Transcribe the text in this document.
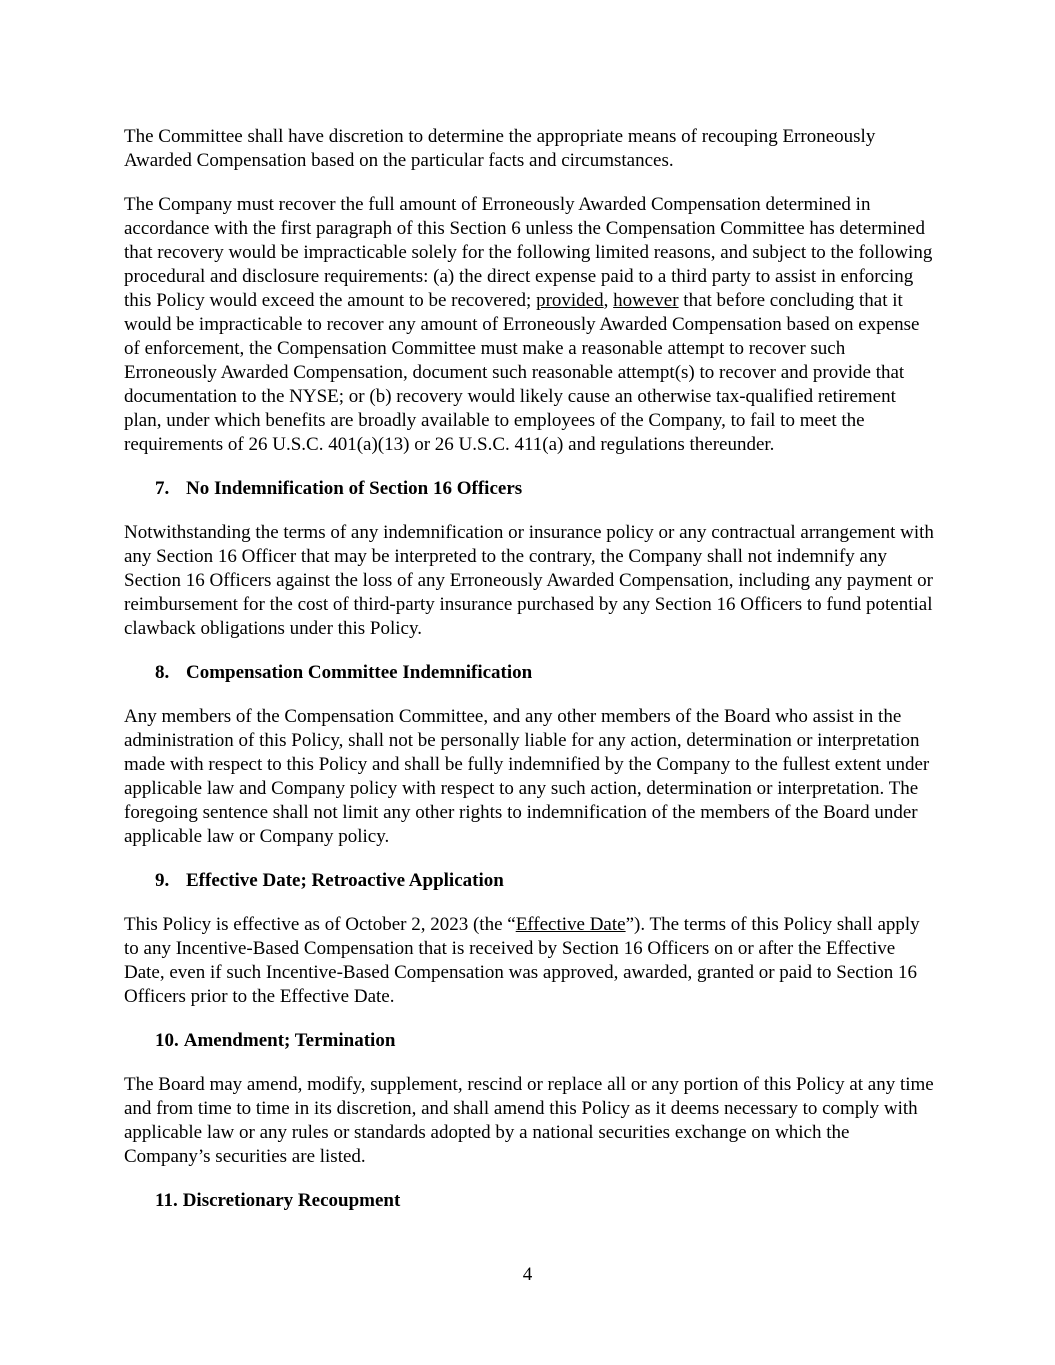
The Committee shall have discretion to determine the appropriate means of recouping Erroneously Awarded Compensation based on the particular facts and circumstances.

The Company must recover the full amount of Erroneously Awarded Compensation determined in accordance with the first paragraph of this Section 6 unless the Compensation Committee has determined that recovery would be impracticable solely for the following limited reasons, and subject to the following procedural and disclosure requirements: (a) the direct expense paid to a third party to assist in enforcing this Policy would exceed the amount to be recovered; provided, however that before concluding that it would be impracticable to recover any amount of Erroneously Awarded Compensation based on expense of enforcement, the Compensation Committee must make a reasonable attempt to recover such Erroneously Awarded Compensation, document such reasonable attempt(s) to recover and provide that documentation to the NYSE; or (b) recovery would likely cause an otherwise tax-qualified retirement plan, under which benefits are broadly available to employees of the Company, to fail to meet the requirements of 26 U.S.C. 401(a)(13) or 26 U.S.C. 411(a) and regulations thereunder.

7. No Indemnification of Section 16 Officers

Notwithstanding the terms of any indemnification or insurance policy or any contractual arrangement with any Section 16 Officer that may be interpreted to the contrary, the Company shall not indemnify any Section 16 Officers against the loss of any Erroneously Awarded Compensation, including any payment or reimbursement for the cost of third-party insurance purchased by any Section 16 Officers to fund potential clawback obligations under this Policy.

8. Compensation Committee Indemnification

Any members of the Compensation Committee, and any other members of the Board who assist in the administration of this Policy, shall not be personally liable for any action, determination or interpretation made with respect to this Policy and shall be fully indemnified by the Company to the fullest extent under applicable law and Company policy with respect to any such action, determination or interpretation. The foregoing sentence shall not limit any other rights to indemnification of the members of the Board under applicable law or Company policy.

9. Effective Date; Retroactive Application

This Policy is effective as of October 2, 2023 (the “Effective Date”). The terms of this Policy shall apply to any Incentive-Based Compensation that is received by Section 16 Officers on or after the Effective Date, even if such Incentive-Based Compensation was approved, awarded, granted or paid to Section 16 Officers prior to the Effective Date.

10. Amendment; Termination

The Board may amend, modify, supplement, rescind or replace all or any portion of this Policy at any time and from time to time in its discretion, and shall amend this Policy as it deems necessary to comply with applicable law or any rules or standards adopted by a national securities exchange on which the Company’s securities are listed.

11. Discretionary Recoupment
4
